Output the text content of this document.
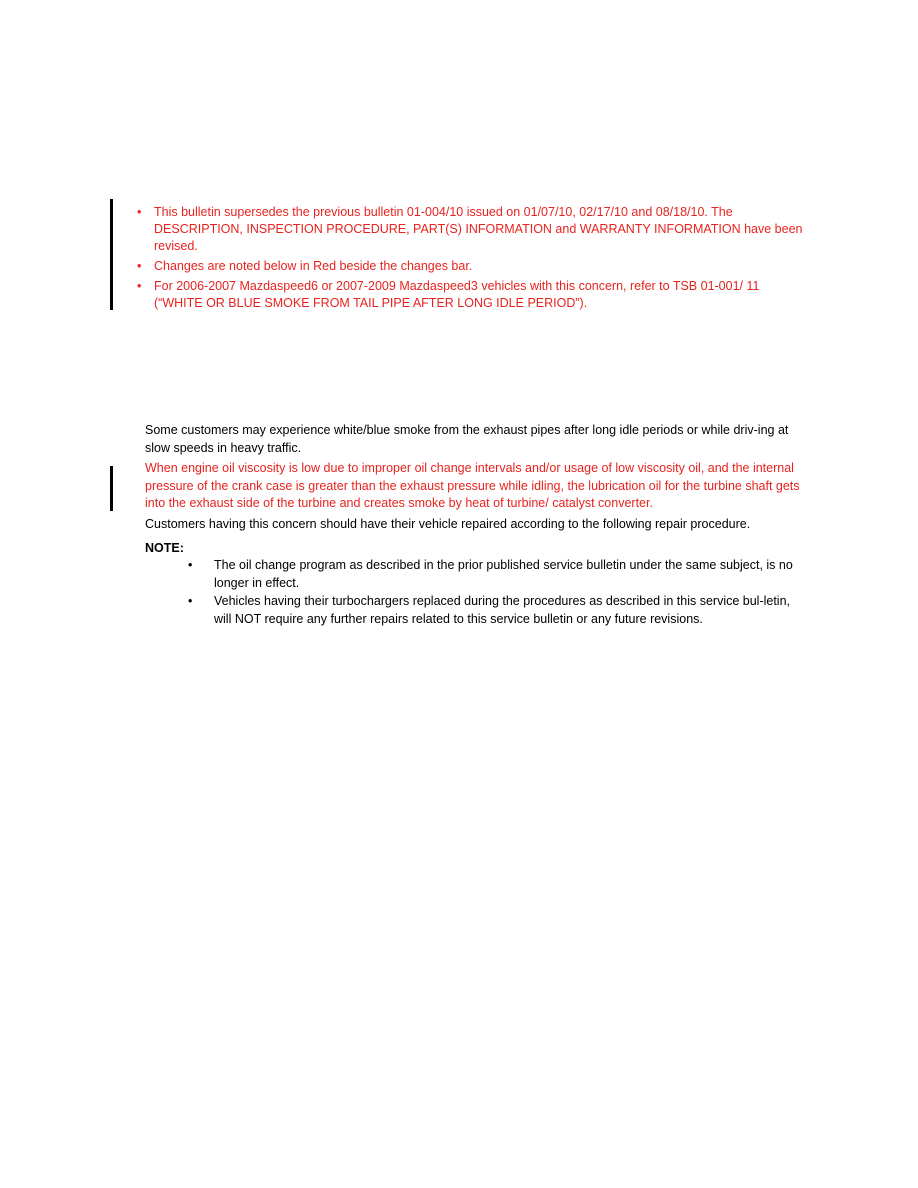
• This bulletin supersedes the previous bulletin 01-004/10 issued on 01/07/10, 02/17/10 and 08/18/10. The DESCRIPTION, INSPECTION PROCEDURE, PART(S) INFORMATION and WARRANTY INFORMATION have been revised.
• Changes are noted below in Red beside the changes bar.
• For 2006-2007 Mazdaspeed6 or 2007-2009 Mazdaspeed3 vehicles with this concern, refer to TSB 01-001/ 11 (“WHITE OR BLUE SMOKE FROM TAIL PIPE AFTER LONG IDLE PERIOD”).

Some customers may experience white/blue smoke from the exhaust pipes after long idle periods or while driv-ing at slow speeds in heavy traffic.

When engine oil viscosity is low due to improper oil change intervals and/or usage of low viscosity oil, and the internal pressure of the crank case is greater than the exhaust pressure while idling, the lubrication oil for the turbine shaft gets into the exhaust side of the turbine and creates smoke by heat of turbine/ catalyst converter.

Customers having this concern should have their vehicle repaired according to the following repair procedure.

NOTE:

• The oil change program as described in the prior published service bulletin under the same subject, is no longer in effect.
• Vehicles having their turbochargers replaced during the procedures as described in this service bul-letin, will NOT require any further repairs related to this service bulletin or any future revisions.
